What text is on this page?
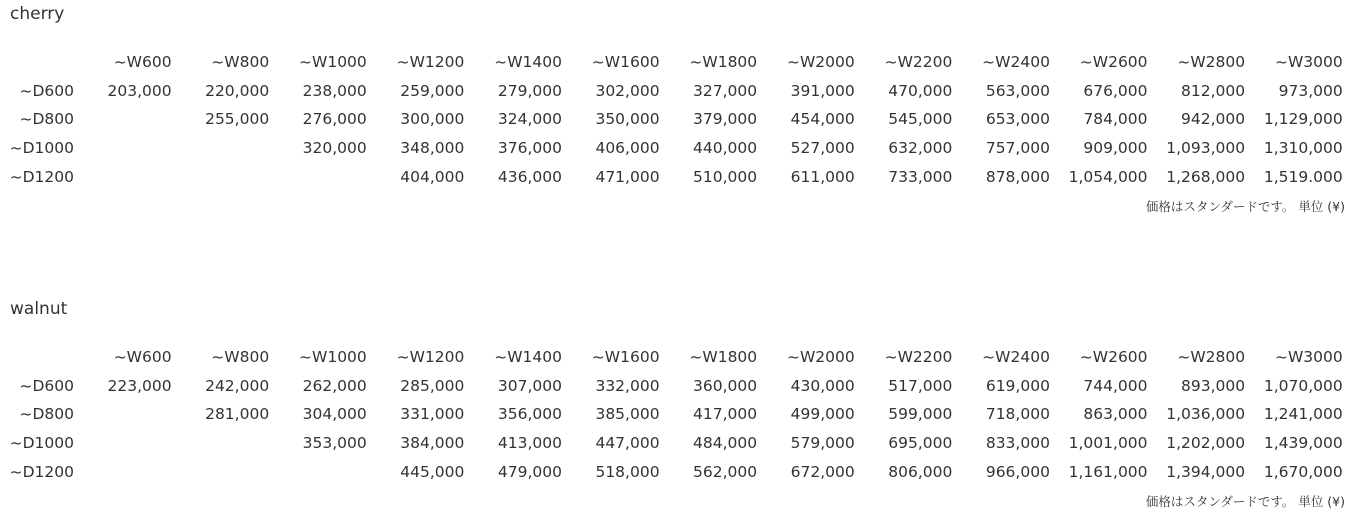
cherry
	~W600	~W800	~W1000	~W1200	~W1400	~W1600	~W1800	~W2000	~W2200	~W2400	~W2600	~W2800	~W3000
~D600	203,000	220,000	238,000	259,000	279,000	302,000	327,000	391,000	470,000	563,000	676,000	812,000	973,000
~D800		255,000	276,000	300,000	324,000	350,000	379,000	454,000	545,000	653,000	784,000	942,000	1,129,000
~D1000			320,000	348,000	376,000	406,000	440,000	527,000	632,000	757,000	909,000	1,093,000	1,310,000
~D1200				404,000	436,000	471,000	510,000	611,000	733,000	878,000	1,054,000	1,268,000	1,519.000
価格はスタンダードです。 単位 (¥)
walnut
	~W600	~W800	~W1000	~W1200	~W1400	~W1600	~W1800	~W2000	~W2200	~W2400	~W2600	~W2800	~W3000
~D600	223,000	242,000	262,000	285,000	307,000	332,000	360,000	430,000	517,000	619,000	744,000	893,000	1,070,000
~D800		281,000	304,000	331,000	356,000	385,000	417,000	499,000	599,000	718,000	863,000	1,036,000	1,241,000
~D1000			353,000	384,000	413,000	447,000	484,000	579,000	695,000	833,000	1,001,000	1,202,000	1,439,000
~D1200				445,000	479,000	518,000	562,000	672,000	806,000	966,000	1,161,000	1,394,000	1,670,000
価格はスタンダードです。 単位 (¥)
